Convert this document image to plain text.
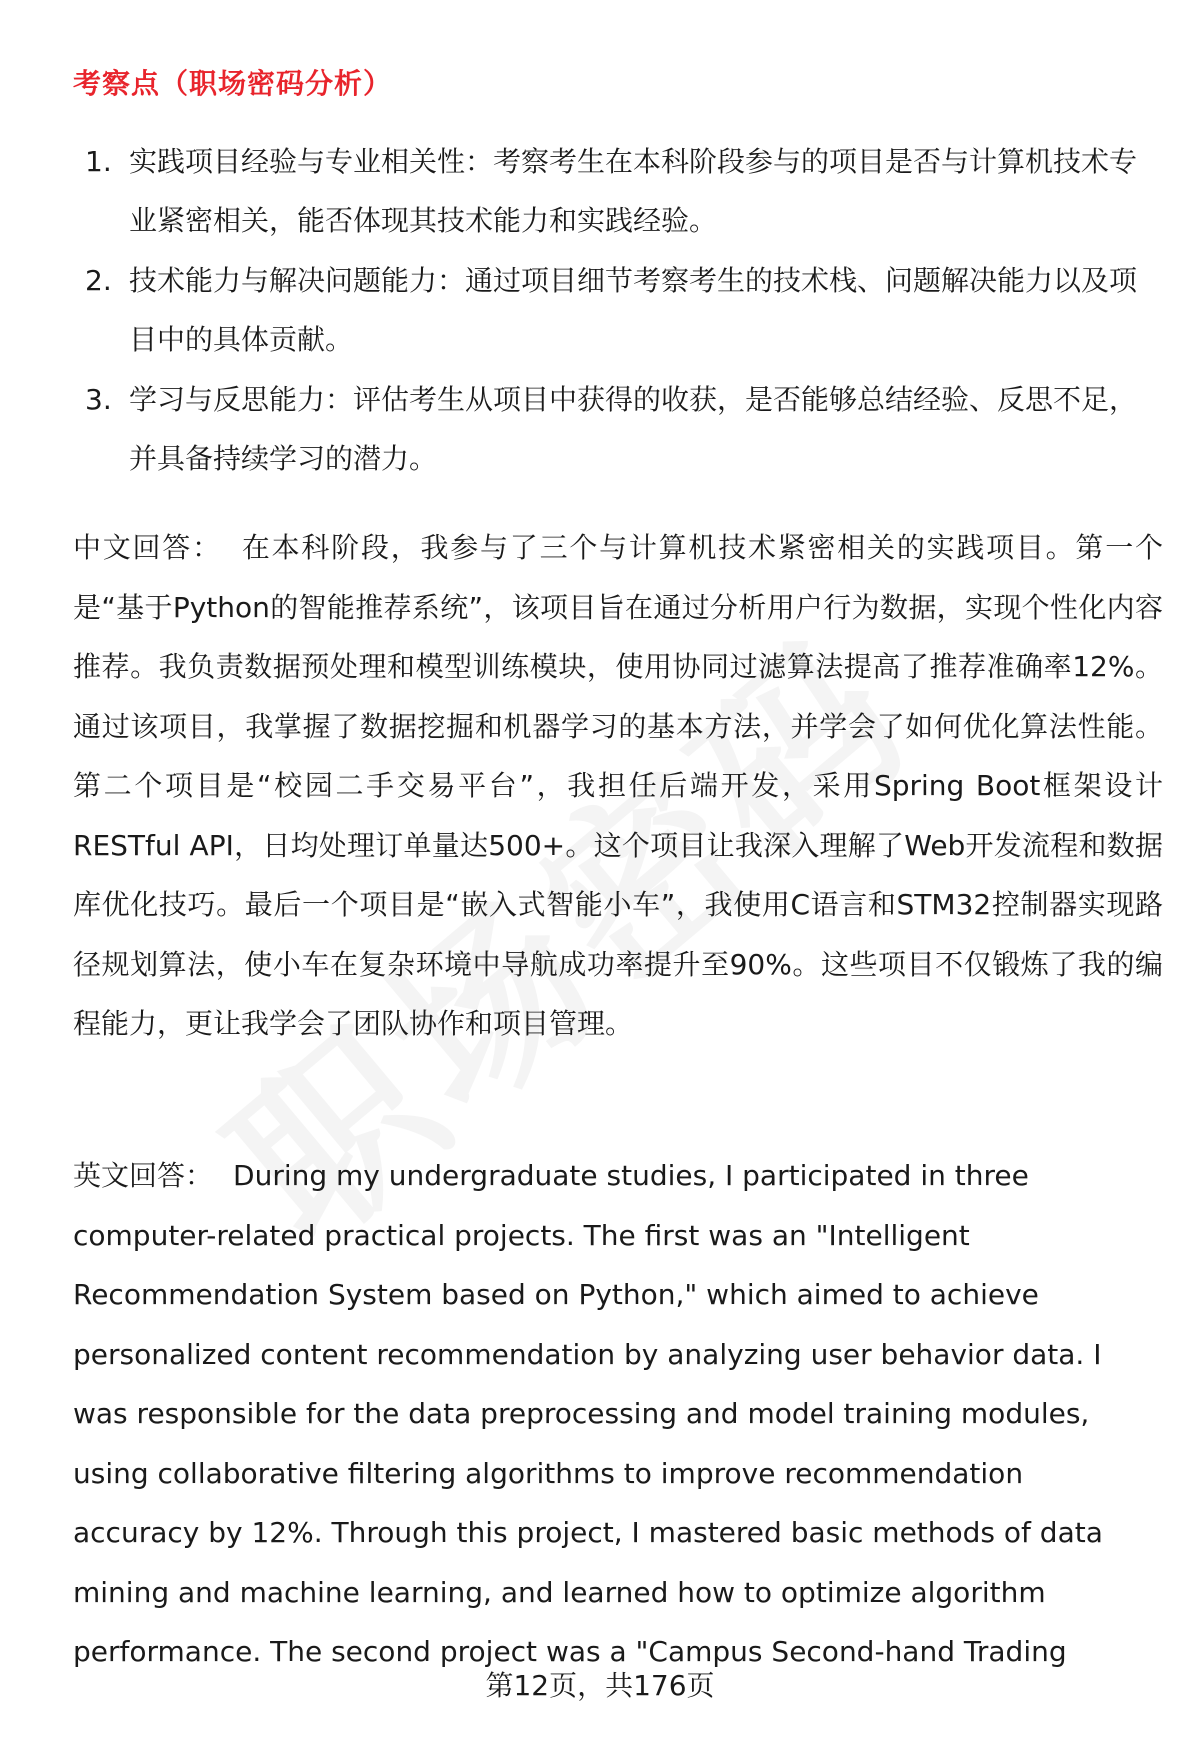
考察点（职场密码分析）
1. 实践项目经验与专业相关性：考察考生在本科阶段参与的项目是否与计算机技术专业紧密相关，能否体现其技术能力和实践经验。
2. 技术能力与解决问题能力：通过项目细节考察考生的技术栈、问题解决能力以及项目中的具体贡献。
3. 学习与反思能力：评估考生从项目中获得的收获，是否能够总结经验、反思不足，并具备持续学习的潜力。

中文回答： 在本科阶段，我参与了三个与计算机技术紧密相关的实践项目。第一个是“基于Python的智能推荐系统”，该项目旨在通过分析用户行为数据，实现个性化内容推荐。我负责数据预处理和模型训练模块，使用协同过滤算法提高了推荐准确率12%。通过该项目，我掌握了数据挖掘和机器学习的基本方法，并学会了如何优化算法性能。第二个项目是“校园二手交易平台”，我担任后端开发，采用Spring Boot框架设计RESTful API，日均处理订单量达500+。这个项目让我深入理解了Web开发流程和数据库优化技巧。最后一个项目是“嵌入式智能小车”，我使用C语言和STM32控制器实现路径规划算法，使小车在复杂环境中导航成功率提升至90%。这些项目不仅锻炼了我的编程能力，更让我学会了团队协作和项目管理。

英文回答： During my undergraduate studies, I participated in three computer-related practical projects. The first was an "Intelligent Recommendation System based on Python," which aimed to achieve personalized content recommendation by analyzing user behavior data. I was responsible for the data preprocessing and model training modules, using collaborative filtering algorithms to improve recommendation accuracy by 12%. Through this project, I mastered basic methods of data mining and machine learning, and learned how to optimize algorithm performance. The second project was a "Campus Second-hand Trading

第12页，共176页
